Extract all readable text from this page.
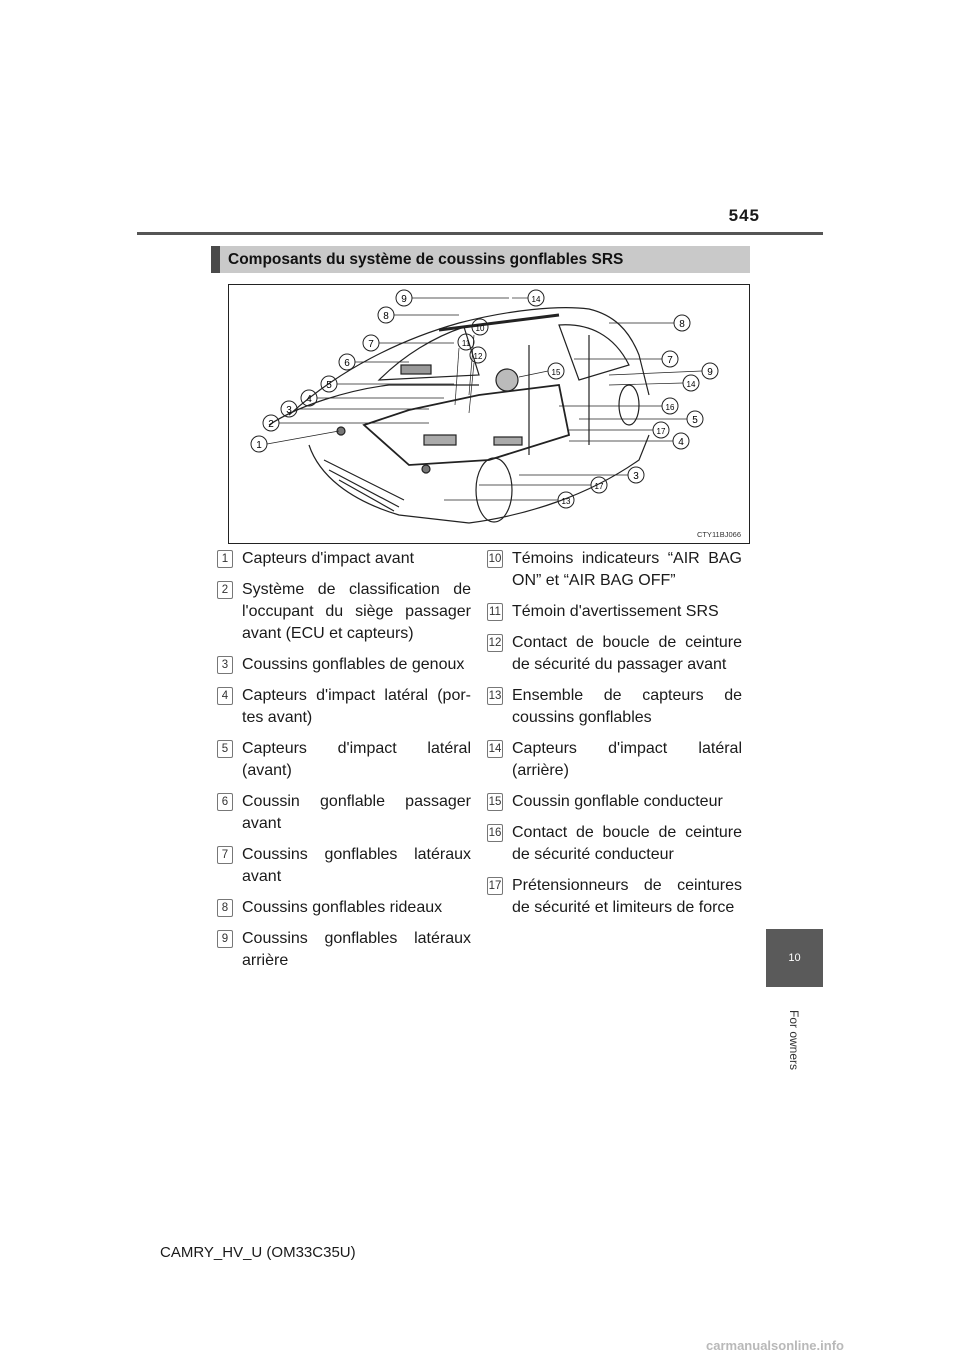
545
Composants du système de coussins gonflables SRS
1
2
3
4
5
6
7
8
9
10
11
12
13
14
15
16
17
8
7
9
14
5
4
3
17
CTY11BJ066
1 Capteurs d'impact avant
2 Système de classification de l'occupant du siège passager avant (ECU et capteurs)
3 Coussins gonflables de genoux
4 Capteurs d'impact latéral (por-tes avant)
5 Capteurs d'impact latéral (avant)
6 Coussin gonflable passager avant
7 Coussins gonflables latéraux avant
8 Coussins gonflables rideaux
9 Coussins gonflables latéraux arrière
10 Témoins indicateurs “AIR BAG ON” et “AIR BAG OFF”
11 Témoin d'avertissement SRS
12 Contact de boucle de ceinture de sécurité du passager avant
13 Ensemble de capteurs de coussins gonflables
14 Capteurs d'impact latéral (arrière)
15 Coussin gonflable conducteur
16 Contact de boucle de ceinture de sécurité conducteur
17 Prétensionneurs de ceintures de sécurité et limiteurs de force
10
For owners
CAMRY_HV_U (OM33C35U)
carmanualsonline.info
